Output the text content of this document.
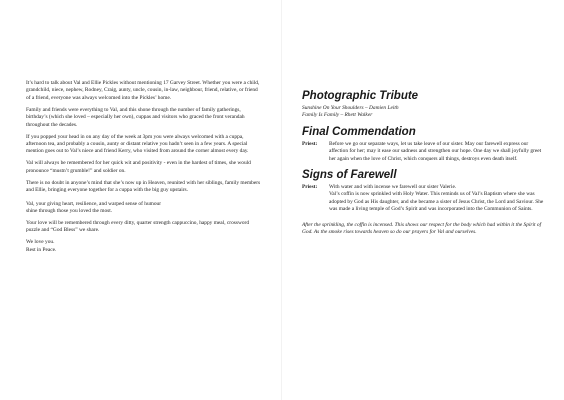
It’s hard to talk about Val and Ellie Pickles without mentioning 17 Garvey Street. Whether you were a child, grandchild, niece, nephew, Rodney, Craig, aunty, uncle, cousin, in-law, neighbour, friend, relative, or friend of a friend, everyone was always welcomed into the Pickles’ home.

Family and friends were everything to Val, and this shone through the number of family gatherings, birthday’s (which she loved – especially her own), cuppas and visitors who graced the front verandah throughout the decades.

If you popped your head in on any day of the week at 3pm you were always welcomed with a cuppa, afternoon tea, and probably a cousin, aunty or distant relative you hadn’t seen in a few years. A special mention goes out to Val’s niece and friend Kerry, who visited from around the corner almost every day.

Val will always be remembered for her quick wit and positivity - even in the hardest of times, she would pronounce “mustn’t grumble!” and soldier on.

There is no doubt in anyone’s mind that she’s now up in Heaven, reunited with her siblings, family members and Ellie, bringing everyone together for a cuppa with the big guy upstairs.

Val, your giving heart, resilience, and warped sense of humour
shine through those you loved the most.

Your love will be remembered through every ditty, quarter strength cappuccino, happy meal, crossword puzzle and “God Bless” we share.

We love you.
Rest in Peace.

Photographic Tribute

Sunshine On Your Shoulders – Damien Leith

Family Is Family – Rhett Walker

Final Commendation
Priest:	Before we go our separate ways, let us take leave of our sister. May our farewell express our affection for her; may it ease our sadness and strengthen our hope. One day we shall joyfully greet her again when the love of Christ, which conquers all things, destroys even death itself.
Signs of Farewell
Priest:	With water and with incense we farewell our sister Valerie.
Val’s coffin is now sprinkled with Holy Water. This reminds us of Val’s Baptism where she was adopted by God as His daughter, and she became a sister of Jesus Christ, the Lord and Saviour. She was made a living temple of God’s Spirit and was incorporated into the Communion of Saints.

After the sprinkling, the coffin is incensed. This shows our respect for the body which had within it the Spirit of God. As the smoke rises towards heaven so do our prayers for Val and ourselves.
